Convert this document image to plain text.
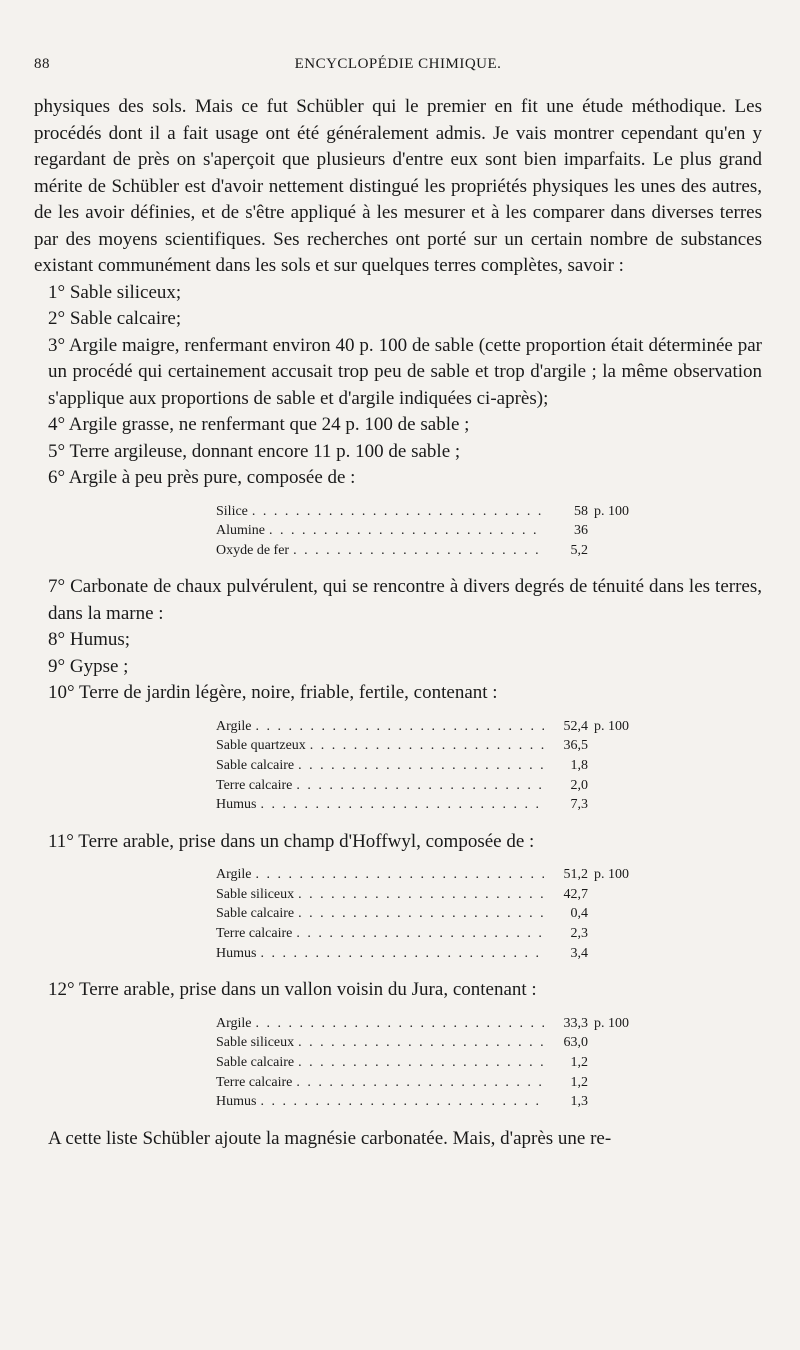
88	ENCYCLOPÉDIE CHIMIQUE.

physiques des sols. Mais ce fut Schübler qui le premier en fit une étude méthodique. Les procédés dont il a fait usage ont été généralement admis. Je vais montrer cependant qu'en y regardant de près on s'aperçoit que plusieurs d'entre eux sont bien imparfaits. Le plus grand mérite de Schübler est d'avoir nettement distingué les propriétés physiques les unes des autres, de les avoir définies, et de s'être appliqué à les mesurer et à les comparer dans diverses terres par des moyens scientifiques. Ses recherches ont porté sur un certain nombre de substances existant communément dans les sols et sur quelques terres complètes, savoir :

1° Sable siliceux;
2° Sable calcaire;

3° Argile maigre, renfermant environ 40 p. 100 de sable (cette proportion était déterminée par un procédé qui certainement accusait trop peu de sable et trop d'argile ; la même observation s'applique aux proportions de sable et d'argile indiquées ci-après);

4° Argile grasse, ne renfermant que 24 p. 100 de sable ;
5° Terre argileuse, donnant encore 11 p. 100 de sable ;
6° Argile à peu près pure, composée de :
Silice . . .	58 p. 100
Alumine . . .	36
Oxyde de fer . . .	5,2

7° Carbonate de chaux pulvérulent, qui se rencontre à divers degrés de ténuité dans les terres, dans la marne :

8° Humus;
9° Gypse ;
10° Terre de jardin légère, noire, friable, fertile, contenant :
Argile . . .	52,4 p. 100
Sable quartzeux . . .	36,5
Sable calcaire . . .	1,8
Terre calcaire . . .	2,0
Humus . . .	7,3
11° Terre arable, prise dans un champ d'Hoffwyl, composée de :
Argile . . .	51,2 p. 100
Sable siliceux . . .	42,7
Sable calcaire . . .	0,4
Terre calcaire . . .	2,3
Humus . . .	3,4
12° Terre arable, prise dans un vallon voisin du Jura, contenant :
Argile . . .	33,3 p. 100
Sable siliceux . . .	63,0
Sable calcaire . . .	1,2
Terre calcaire . . .	1,2
Humus . . .	1,3

A cette liste Schübler ajoute la magnésie carbonatée. Mais, d'après une re-
